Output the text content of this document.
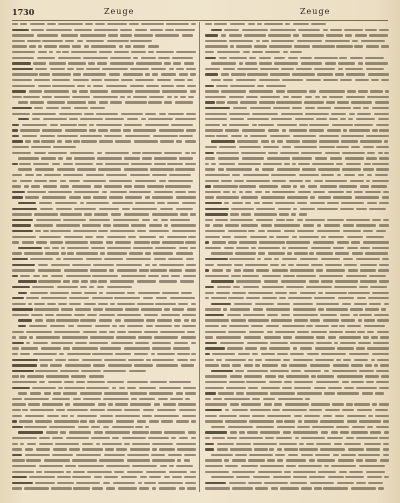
1730	Zeuge	Zeuge
